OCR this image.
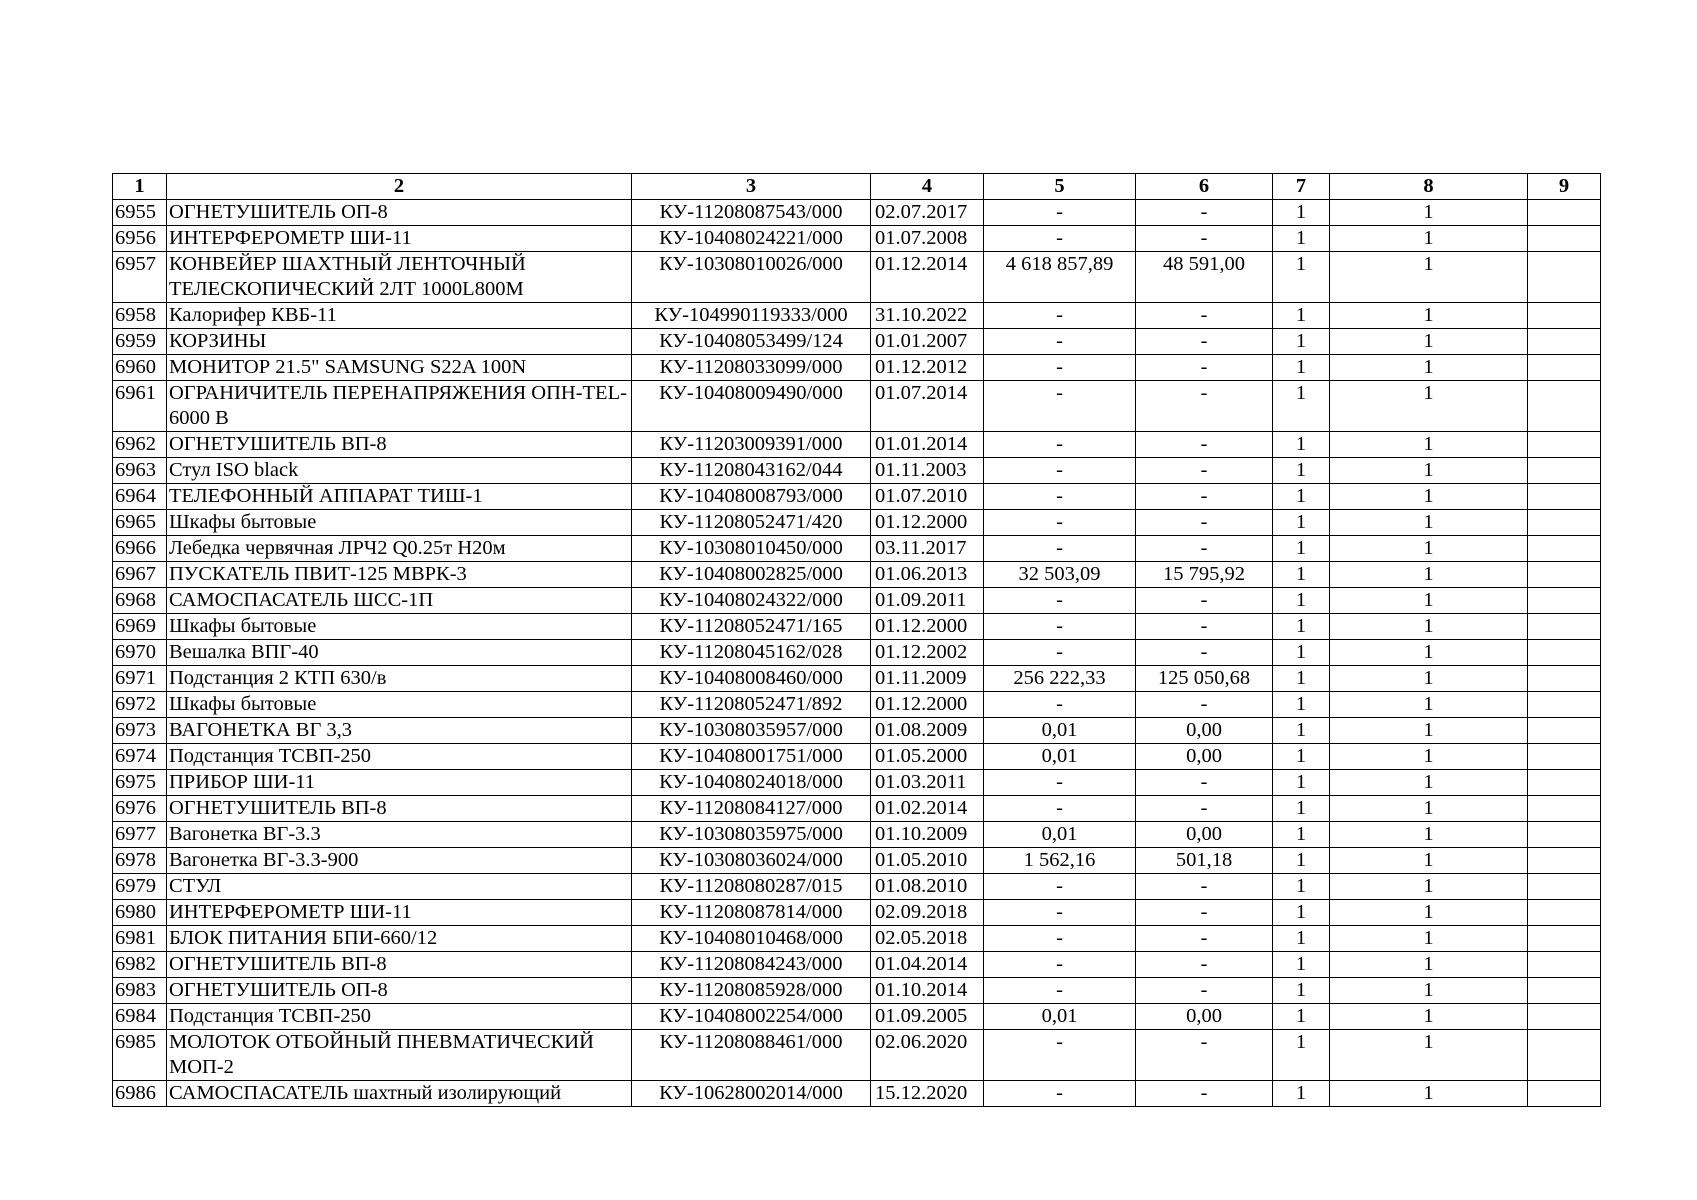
1	2	3	4	5	6	7	8	9
6955	ОГНЕТУШИТЕЛЬ ОП-8	КУ-11208087543/000	02.07.2017	-	-	1	1	
6956	ИНТЕРФЕРОМЕТР ШИ-11	КУ-10408024221/000	01.07.2008	-	-	1	1	
6957	КОНВЕЙЕР ШАХТНЫЙ ЛЕНТОЧНЫЙ ТЕЛЕСКОПИЧЕСКИЙ 2ЛТ 1000L800M	КУ-10308010026/000	01.12.2014	4 618 857,89	48 591,00	1	1	
6958	Калорифер КВБ-11	КУ-104990119333/000	31.10.2022	-	-	1	1	
6959	КОРЗИНЫ	КУ-10408053499/124	01.01.2007	-	-	1	1	
6960	МОНИТОР 21.5" SAMSUNG S22A 100N	КУ-11208033099/000	01.12.2012	-	-	1	1	
6961	ОГРАНИЧИТЕЛЬ ПЕРЕНАПРЯЖЕНИЯ ОПН-TEL-6000 В	КУ-10408009490/000	01.07.2014	-	-	1	1	
6962	ОГНЕТУШИТЕЛЬ ВП-8	КУ-11203009391/000	01.01.2014	-	-	1	1	
6963	Стул ISO black	КУ-11208043162/044	01.11.2003	-	-	1	1	
6964	ТЕЛЕФОННЫЙ АППАРАТ ТИШ-1	КУ-10408008793/000	01.07.2010	-	-	1	1	
6965	Шкафы бытовые	КУ-11208052471/420	01.12.2000	-	-	1	1	
6966	Лебедка червячная ЛРЧ2 Q0.25т H20м	КУ-10308010450/000	03.11.2017	-	-	1	1	
6967	ПУСКАТЕЛЬ ПВИТ-125 МВРК-3	КУ-10408002825/000	01.06.2013	32 503,09	15 795,92	1	1	
6968	САМОСПАСАТЕЛЬ ШСС-1П	КУ-10408024322/000	01.09.2011	-	-	1	1	
6969	Шкафы бытовые	КУ-11208052471/165	01.12.2000	-	-	1	1	
6970	Вешалка ВПГ-40	КУ-11208045162/028	01.12.2002	-	-	1	1	
6971	Подстанция 2 КТП 630/в	КУ-10408008460/000	01.11.2009	256 222,33	125 050,68	1	1	
6972	Шкафы бытовые	КУ-11208052471/892	01.12.2000	-	-	1	1	
6973	ВАГОНЕТКА ВГ 3,3	КУ-10308035957/000	01.08.2009	0,01	0,00	1	1	
6974	Подстанция ТСВП-250	КУ-10408001751/000	01.05.2000	0,01	0,00	1	1	
6975	ПРИБОР ШИ-11	КУ-10408024018/000	01.03.2011	-	-	1	1	
6976	ОГНЕТУШИТЕЛЬ ВП-8	КУ-11208084127/000	01.02.2014	-	-	1	1	
6977	Вагонетка ВГ-3.3	КУ-10308035975/000	01.10.2009	0,01	0,00	1	1	
6978	Вагонетка ВГ-3.3-900	КУ-10308036024/000	01.05.2010	1 562,16	501,18	1	1	
6979	СТУЛ	КУ-11208080287/015	01.08.2010	-	-	1	1	
6980	ИНТЕРФЕРОМЕТР ШИ-11	КУ-11208087814/000	02.09.2018	-	-	1	1	
6981	БЛОК ПИТАНИЯ БПИ-660/12	КУ-10408010468/000	02.05.2018	-	-	1	1	
6982	ОГНЕТУШИТЕЛЬ ВП-8	КУ-11208084243/000	01.04.2014	-	-	1	1	
6983	ОГНЕТУШИТЕЛЬ ОП-8	КУ-11208085928/000	01.10.2014	-	-	1	1	
6984	Подстанция ТСВП-250	КУ-10408002254/000	01.09.2005	0,01	0,00	1	1	
6985	МОЛОТОК ОТБОЙНЫЙ ПНЕВМАТИЧЕСКИЙ МОП-2	КУ-11208088461/000	02.06.2020	-	-	1	1	
6986	САМОСПАСАТЕЛЬ шахтный изолирующий	КУ-10628002014/000	15.12.2020	-	-	1	1	
